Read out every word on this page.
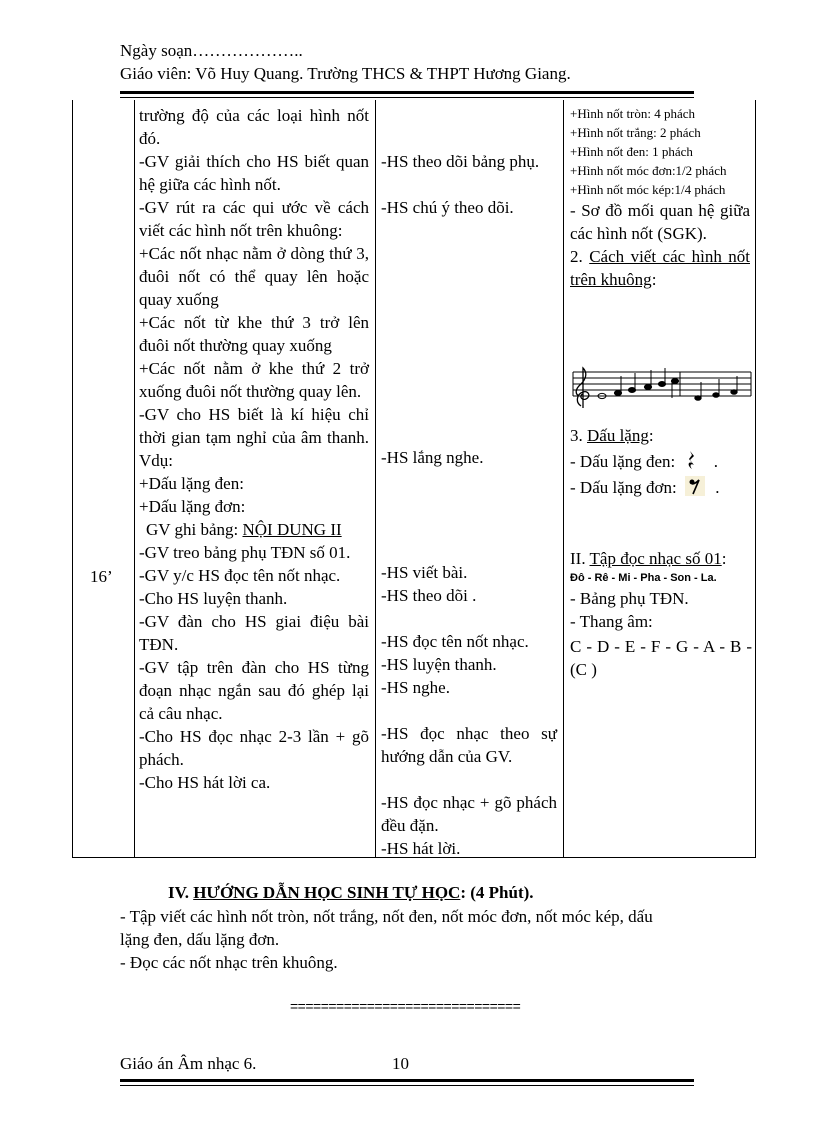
Ngày soạn………………..
Giáo viên: Võ Huy Quang. Trường THCS & THPT Hương Giang.
16’
trường độ của các loại hình nốt đó.
-GV giải thích cho HS biết quan hệ giữa các hình nốt.
-GV rút ra các qui ước về cách viết các hình nốt trên khuông:
+Các nốt nhạc nằm ở dòng thứ 3, đuôi nốt có thể quay lên hoặc quay xuống
+Các nốt từ khe thứ 3 trở lên đuôi nốt thường quay xuống
+Các nốt nằm ở khe thứ 2 trở xuống đuôi nốt thường quay lên.
-GV cho HS biết là kí hiệu chỉ thời gian tạm nghỉ của âm thanh. Vdụ:
+Dấu lặng đen:
+Dấu lặng đơn:
GV ghi bảng: NỘI DUNG II
-GV treo bảng phụ TĐN số 01.
-GV y/c HS đọc tên nốt nhạc.
-Cho HS luyện thanh.
-GV đàn cho HS giai điệu bài TĐN.
-GV tập trên đàn cho HS từng đoạn nhạc ngắn sau đó ghép lại cả câu nhạc.
-Cho HS đọc nhạc 2-3 lần + gõ phách.
-Cho HS hát lời ca.
-HS theo dõi bảng phụ.
-HS chú ý theo dõi.
-HS lắng nghe.
-HS viết bài.
-HS theo dõi .
-HS đọc tên nốt nhạc.
-HS luyện thanh.
-HS nghe.
-HS đọc nhạc theo sự hướng dẫn của GV.
-HS đọc nhạc + gõ phách đều đặn.
-HS hát lời.
+Hình nốt tròn: 4 phách
+Hình nốt trắng: 2 phách
+Hình nốt đen: 1 phách
+Hình nốt móc đơn:1/2 phách
+Hình nốt móc kép:1/4 phách
- Sơ đồ mối quan hệ giữa các hình nốt (SGK).
2. Cách viết các hình nốt trên khuông:
3. Dấu lặng:
- Dấu lặng đen: .
- Dấu lặng đơn: .
II. Tập đọc nhạc số 01:
Đô - Rê - Mi - Pha - Son - La.
- Bảng phụ TĐN.
- Thang âm:
C - D - E - F - G - A - B - (C )
IV. HƯỚNG DẪN HỌC SINH TỰ HỌC: (4 Phút).
- Tập viết các hình nốt tròn, nốt trắng, nốt đen, nốt móc đơn, nốt móc kép, dấu
lặng đen, dấu lặng đơn.
- Đọc các nốt nhạc trên khuông.
==============================
Giáo án Âm nhạc 6.	10
